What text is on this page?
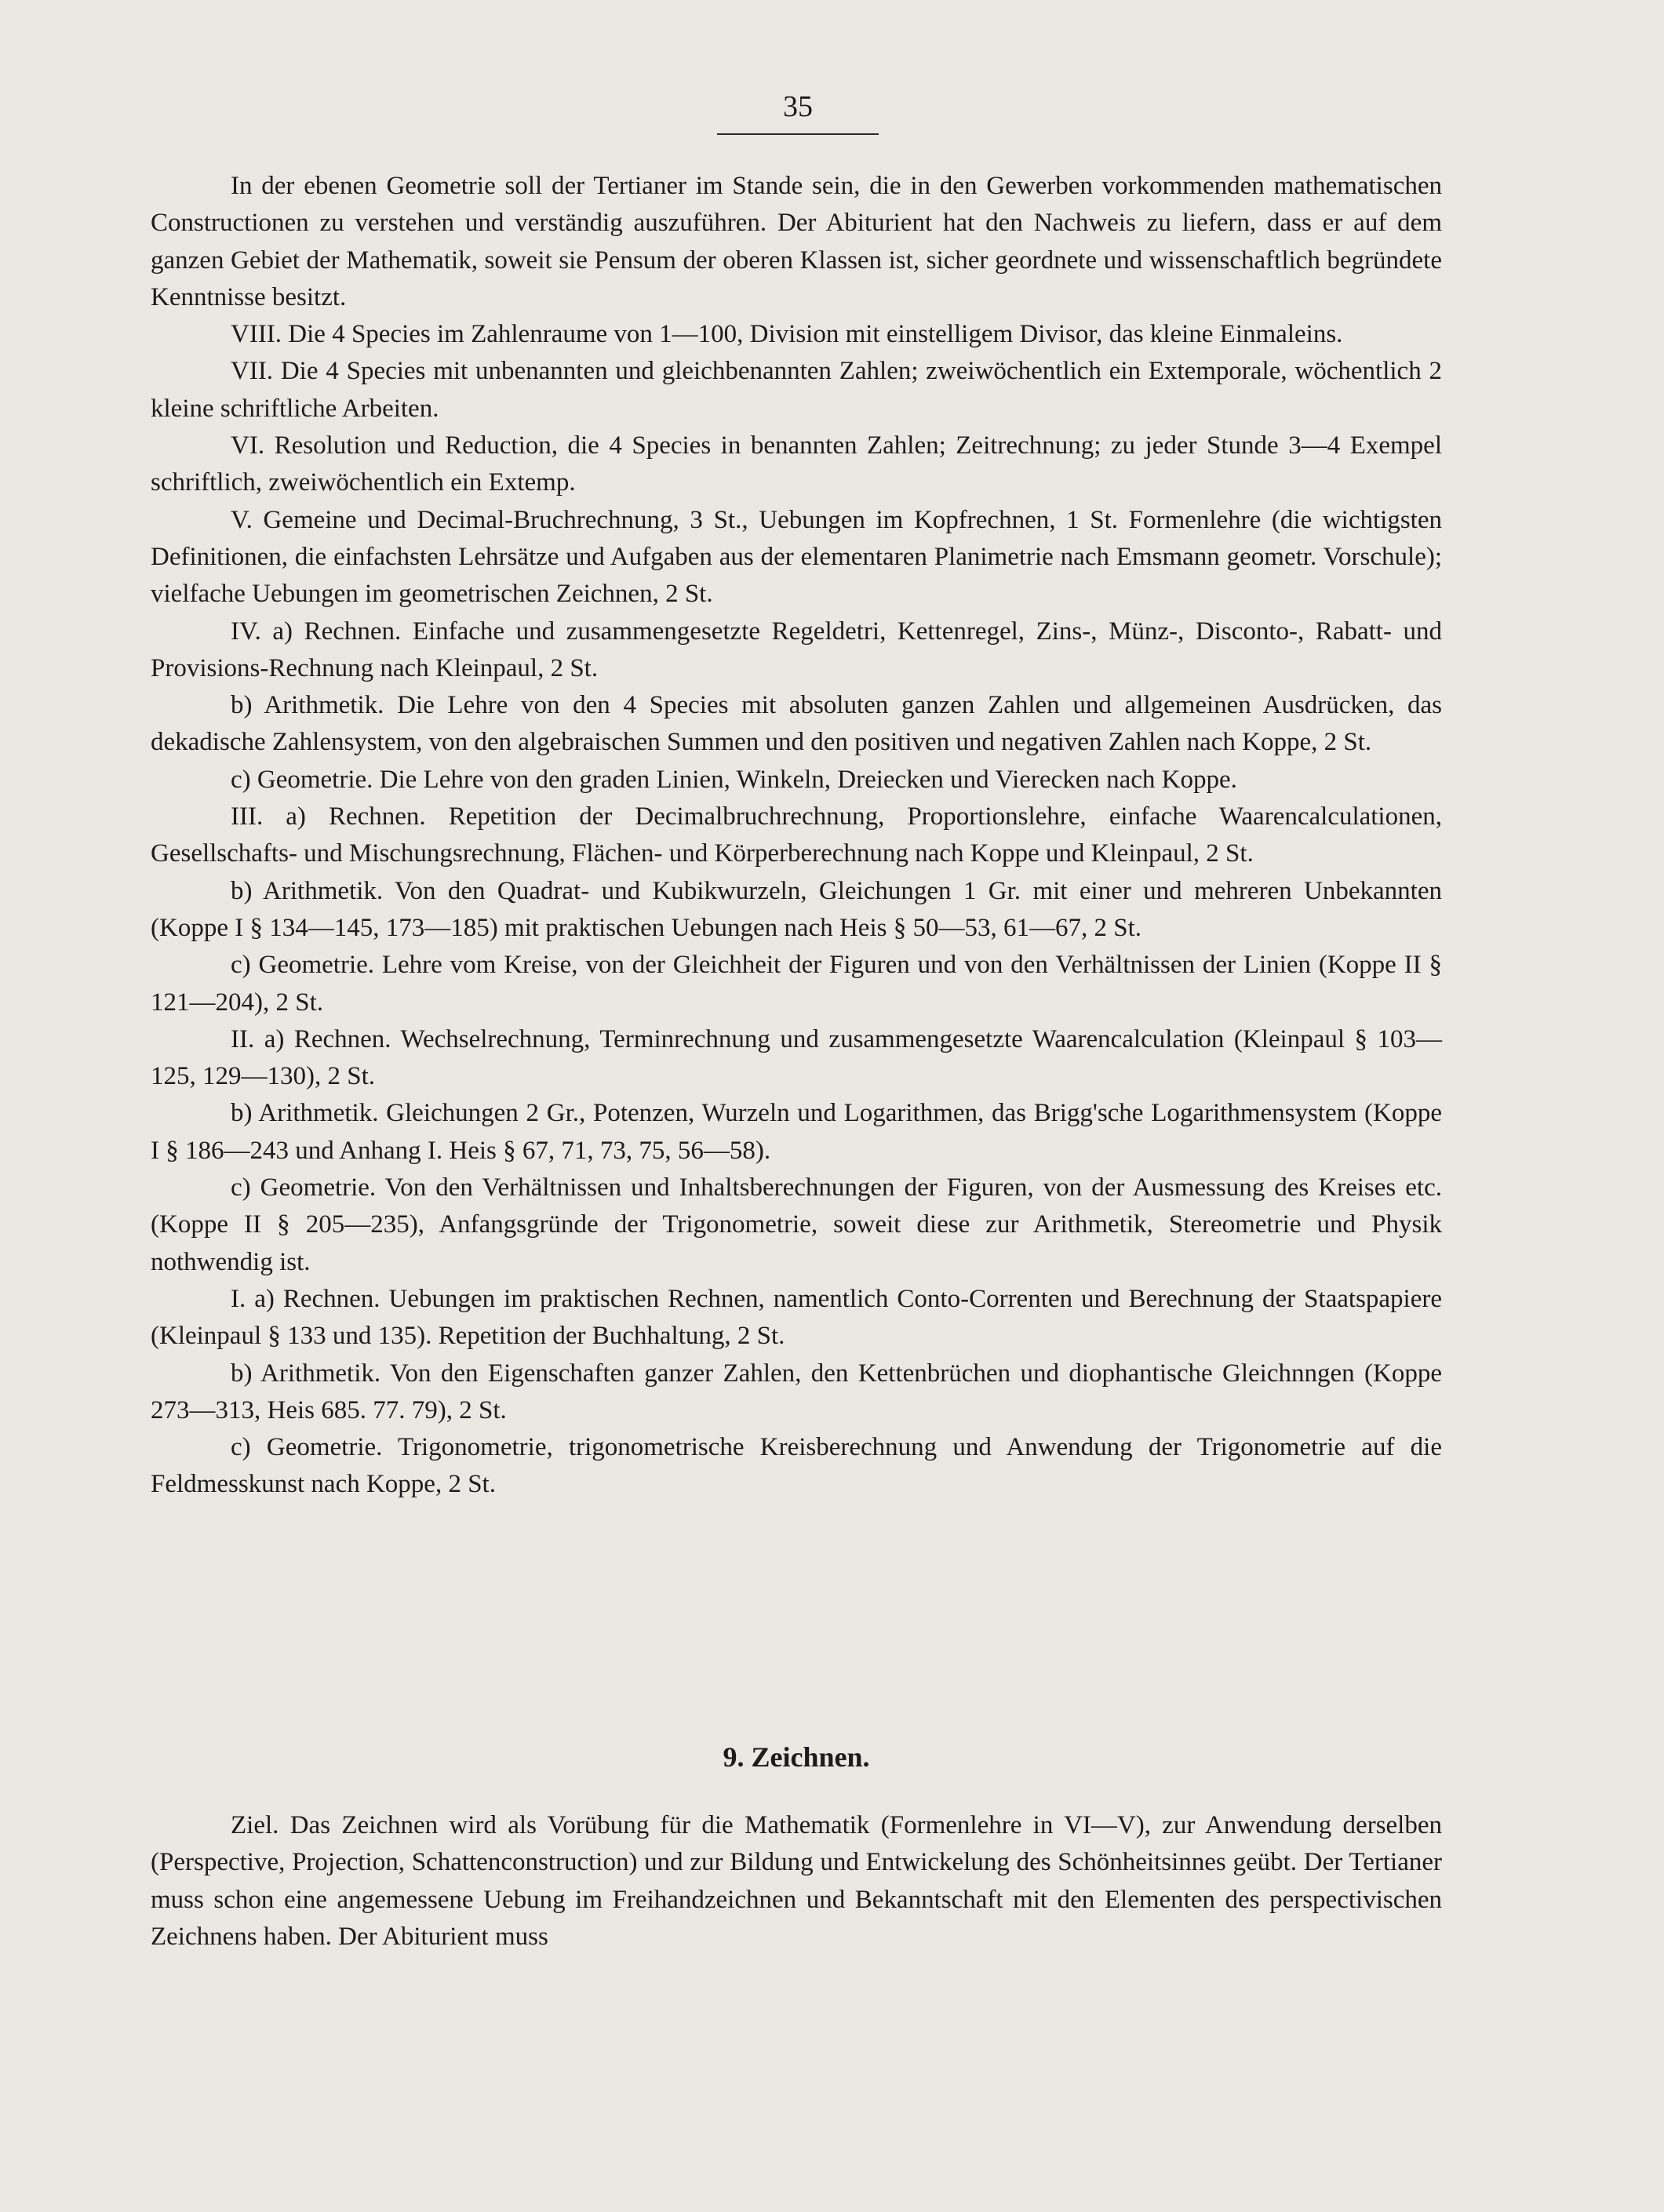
35

In der ebenen Geometrie soll der Tertianer im Stande sein, die in den Gewerben vorkommenden mathematischen Constructionen zu verstehen und verständig auszuführen. Der Abiturient hat den Nachweis zu liefern, dass er auf dem ganzen Gebiet der Mathematik, soweit sie Pensum der oberen Klassen ist, sicher geordnete und wissenschaftlich begründete Kenntnisse besitzt.

VIII. Die 4 Species im Zahlenraume von 1—100, Division mit einstelligem Divisor, das kleine Einmaleins.

VII. Die 4 Species mit unbenannten und gleichbenannten Zahlen; zweiwöchentlich ein Extemporale, wöchentlich 2 kleine schriftliche Arbeiten.

VI. Resolution und Reduction, die 4 Species in benannten Zahlen; Zeitrechnung; zu jeder Stunde 3—4 Exempel schriftlich, zweiwöchentlich ein Extemp.

V. Gemeine und Decimal-Bruchrechnung, 3 St., Uebungen im Kopfrechnen, 1 St. Formenlehre (die wichtigsten Definitionen, die einfachsten Lehrsätze und Aufgaben aus der elementaren Planimetrie nach Emsmann geometr. Vorschule); vielfache Uebungen im geometrischen Zeichnen, 2 St.

IV. a) Rechnen. Einfache und zusammengesetzte Regeldetri, Kettenregel, Zins-, Münz-, Disconto-, Rabatt- und Provisions-Rechnung nach Kleinpaul, 2 St.

b) Arithmetik. Die Lehre von den 4 Species mit absoluten ganzen Zahlen und allgemeinen Ausdrücken, das dekadische Zahlensystem, von den algebraischen Summen und den positiven und negativen Zahlen nach Koppe, 2 St.

c) Geometrie. Die Lehre von den graden Linien, Winkeln, Dreiecken und Vierecken nach Koppe.

III. a) Rechnen. Repetition der Decimalbruchrechnung, Proportionslehre, einfache Waarencalculationen, Gesellschafts- und Mischungsrechnung, Flächen- und Körperberechnung nach Koppe und Kleinpaul, 2 St.

b) Arithmetik. Von den Quadrat- und Kubikwurzeln, Gleichungen 1 Gr. mit einer und mehreren Unbekannten (Koppe I § 134—145, 173—185) mit praktischen Uebungen nach Heis § 50—53, 61—67, 2 St.

c) Geometrie. Lehre vom Kreise, von der Gleichheit der Figuren und von den Verhältnissen der Linien (Koppe II § 121—204), 2 St.

II. a) Rechnen. Wechselrechnung, Terminrechnung und zusammengesetzte Waarencalculation (Kleinpaul § 103—125, 129—130), 2 St.

b) Arithmetik. Gleichungen 2 Gr., Potenzen, Wurzeln und Logarithmen, das Brigg'sche Logarithmensystem (Koppe I § 186—243 und Anhang I. Heis § 67, 71, 73, 75, 56—58).

c) Geometrie. Von den Verhältnissen und Inhaltsberechnungen der Figuren, von der Ausmessung des Kreises etc. (Koppe II § 205—235), Anfangsgründe der Trigonometrie, soweit diese zur Arithmetik, Stereometrie und Physik nothwendig ist.

I. a) Rechnen. Uebungen im praktischen Rechnen, namentlich Conto-Correnten und Berechnung der Staatspapiere (Kleinpaul § 133 und 135). Repetition der Buchhaltung, 2 St.

b) Arithmetik. Von den Eigenschaften ganzer Zahlen, den Kettenbrüchen und diophantische Gleichnngen (Koppe 273—313, Heis 685. 77. 79), 2 St.

c) Geometrie. Trigonometrie, trigonometrische Kreisberechnung und Anwendung der Trigonometrie auf die Feldmesskunst nach Koppe, 2 St.

9. Zeichnen.

Ziel. Das Zeichnen wird als Vorübung für die Mathematik (Formenlehre in VI—V), zur Anwendung derselben (Perspective, Projection, Schattenconstruction) und zur Bildung und Entwickelung des Schönheitsinnes geübt. Der Tertianer muss schon eine angemessene Uebung im Freihandzeichnen und Bekanntschaft mit den Elementen des perspectivischen Zeichnens haben. Der Abiturient muss
